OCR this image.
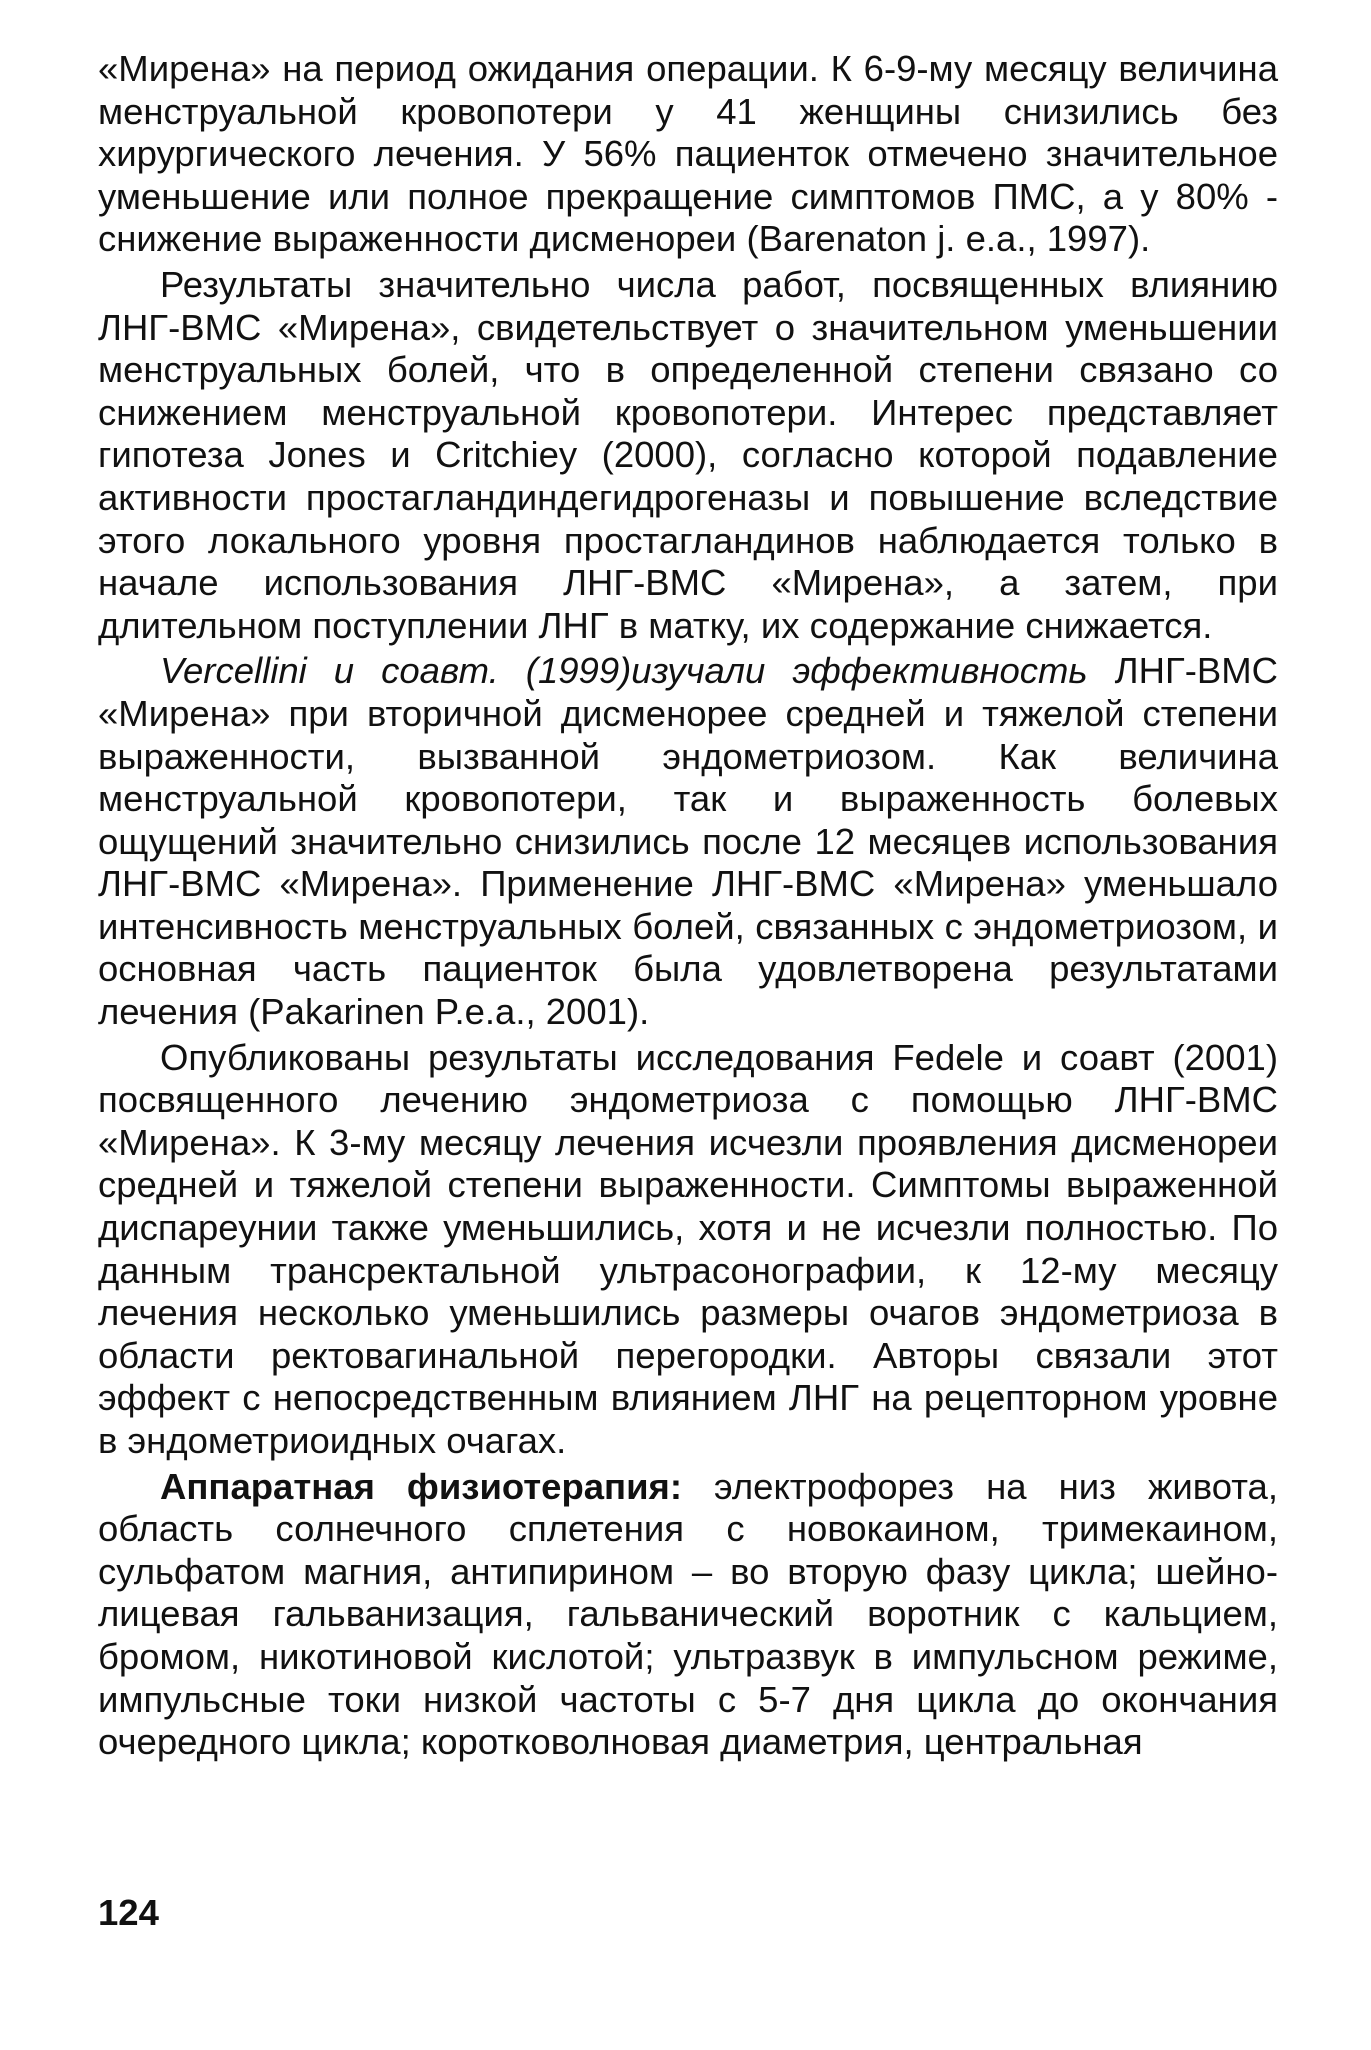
«Мирена» на период ожидания операции. К 6-9-му месяцу величина менструальной кровопотери у 41 женщины снизились без хирургического лечения. У 56% пациенток отмечено значительное уменьшение или полное прекращение симптомов ПМС, а у 80% - снижение выраженности дисменореи (Barenaton j. e.a., 1997).

Результаты значительно числа работ, посвященных влиянию ЛНГ-ВМС «Мирена», свидетельствует о значительном уменьшении менструальных болей, что в определенной степени связано со снижением менструальной кровопотери. Интерес представляет гипотеза Jones и Critchiey (2000), согласно которой подавление активности простагландиндегидрогеназы и повышение вследствие этого локального уровня простагландинов наблюдается только в начале использования ЛНГ-ВМС «Мирена», а затем, при длительном поступлении ЛНГ в матку, их содержание снижается.

Vercellini и соавт. (1999)изучали эффективность ЛНГ-ВМС «Мирена» при вторичной дисменорее средней и тяжелой степени выраженности, вызванной эндометриозом. Как величина менструальной кровопотери, так и выраженность болевых ощущений значительно снизились после 12 месяцев использования ЛНГ-ВМС «Мирена». Применение ЛНГ-ВМС «Мирена» уменьшало интенсивность менструальных болей, связанных с эндометриозом, и основная часть пациенток была удовлетворена результатами лечения (Pakarinen P.e.a., 2001).

Опубликованы результаты исследования Fedele и соавт (2001) посвященного лечению эндометриоза с помощью ЛНГ-ВМС «Мирена». К 3-му месяцу лечения исчезли проявления дисменореи средней и тяжелой степени выраженности. Симптомы выраженной диспареунии также уменьшились, хотя и не исчезли полностью. По данным трансректальной ультрасонографии, к 12-му месяцу лечения несколько уменьшились размеры очагов эндометриоза в области ректовагинальной перегородки. Авторы связали этот эффект с непосредственным влиянием ЛНГ на рецепторном уровне в эндометриоидных очагах.

Аппаратная физиотерапия: электрофорез на низ живота, область солнечного сплетения с новокаином, тримекаином, сульфатом магния, антипирином – во вторую фазу цикла; шейно-лицевая гальванизация, гальванический воротник с кальцием, бромом, никотиновой кислотой; ультразвук в импульсном режиме, импульсные токи низкой частоты с 5-7 дня цикла до окончания очередного цикла; коротковолновая диаметрия, центральная

124
